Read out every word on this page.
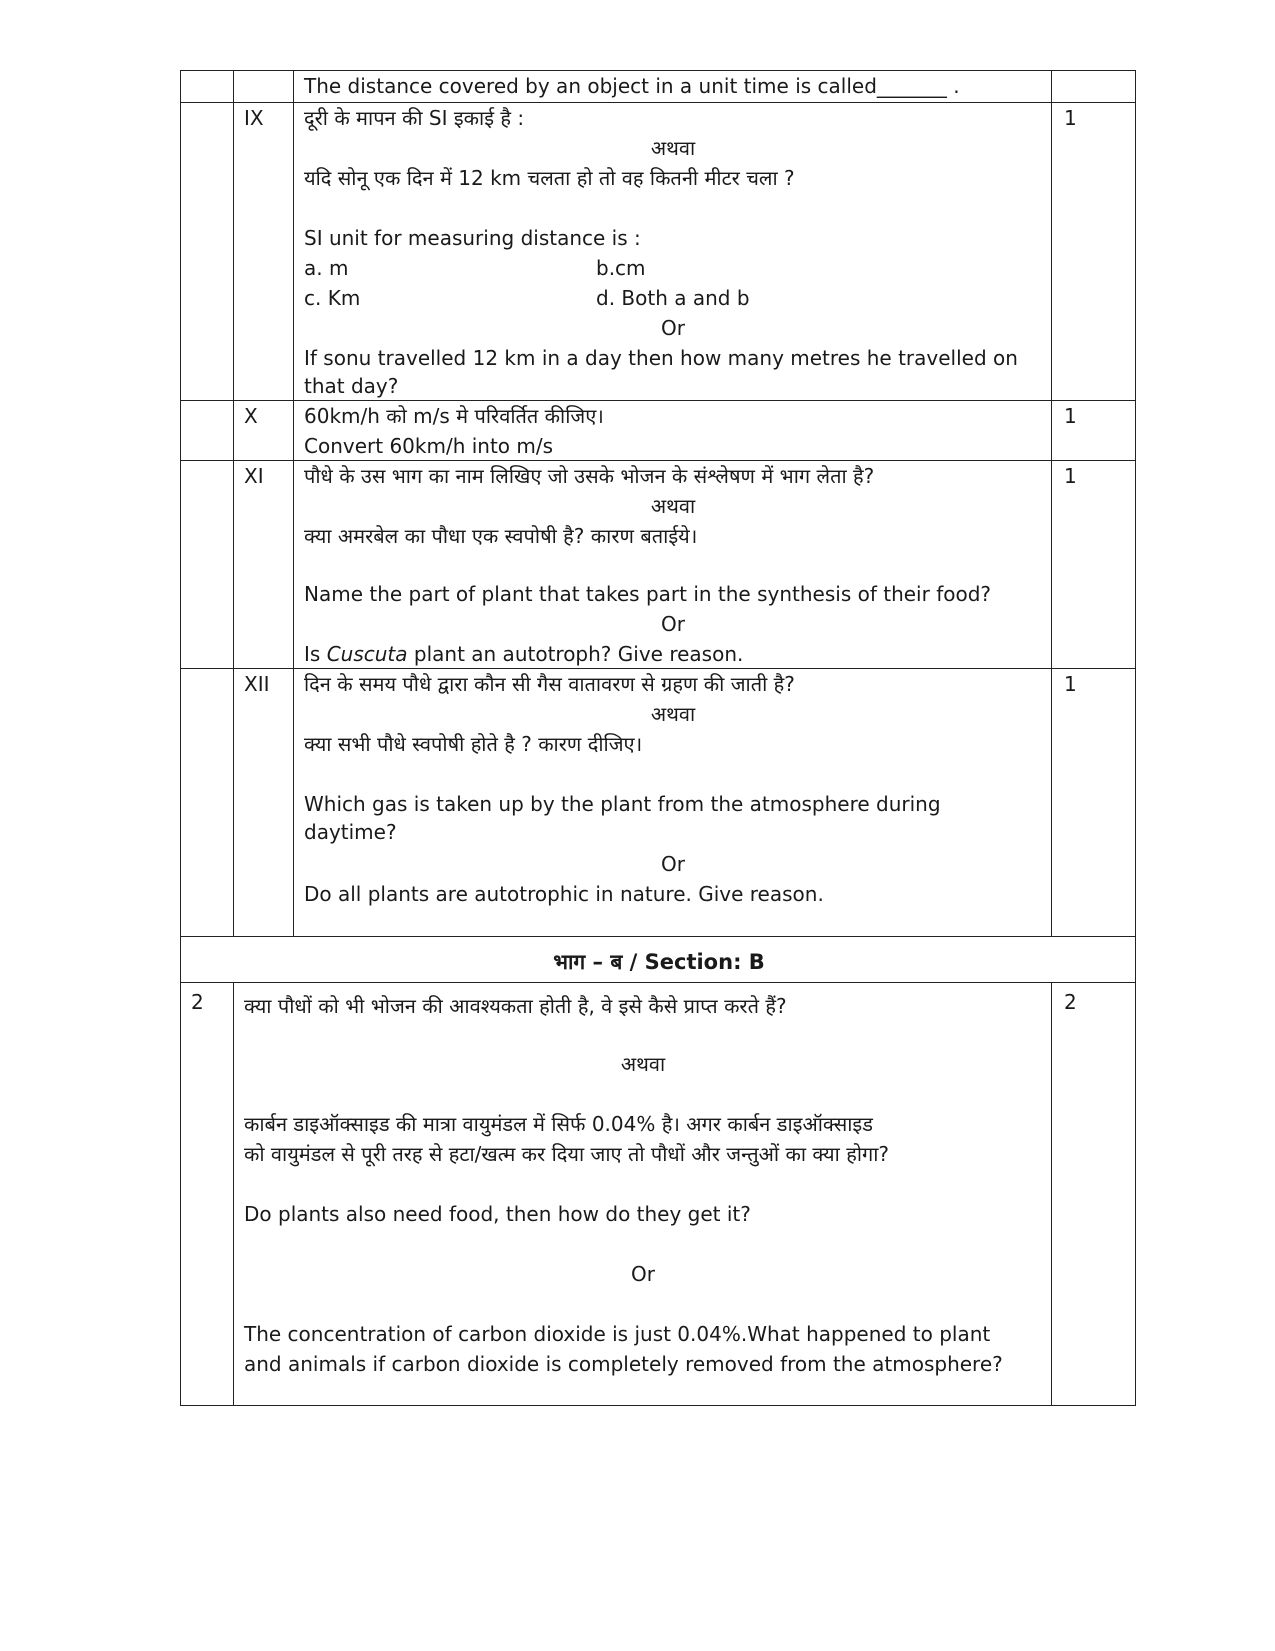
The distance covered by an object in a unit time is called_______ .
IX दूरी के मापन की SI इकाई है :
अथवा
यदि सोनू एक दिन में 12 km चलता हो तो वह कितनी मीटर चला ?
SI unit for measuring distance is :
a. m	b.cm
c. Km	d. Both a and b
Or
If sonu travelled 12 km in a day then how many metres he travelled on
that day?
1
X 60km/h को m/s मे परिवर्तित कीजिए।
Convert 60km/h into m/s
1
XI पौधे के उस भाग का नाम लिखिए जो उसके भोजन के संश्लेषण में भाग लेता है?
अथवा
क्या अमरबेल का पौधा एक स्वपोषी है? कारण बताईये।
Name the part of plant that takes part in the synthesis of their food?
Or
Is Cuscuta plant an autotroph? Give reason.
1
XII दिन के समय पौधे द्वारा कौन सी गैस वातावरण से ग्रहण की जाती है?
अथवा
क्या सभी पौधे स्वपोषी होते है ? कारण दीजिए।
Which gas is taken up by the plant from the atmosphere during
daytime?
Or
Do all plants are autotrophic in nature. Give reason.
1
भाग – ब / Section: B
2 क्या पौधों को भी भोजन की आवश्यकता होती है, वे इसे कैसे प्राप्त करते हैं?
अथवा
कार्बन डाइऑक्साइड की मात्रा वायुमंडल में सिर्फ 0.04% है। अगर कार्बन डाइऑक्साइड
को वायुमंडल से पूरी तरह से हटा/खत्म कर दिया जाए तो पौधों और जन्तुओं का क्या होगा?
Do plants also need food, then how do they get it?
Or
The concentration of carbon dioxide is just 0.04%.What happened to plant
and animals if carbon dioxide is completely removed from the atmosphere?
2
